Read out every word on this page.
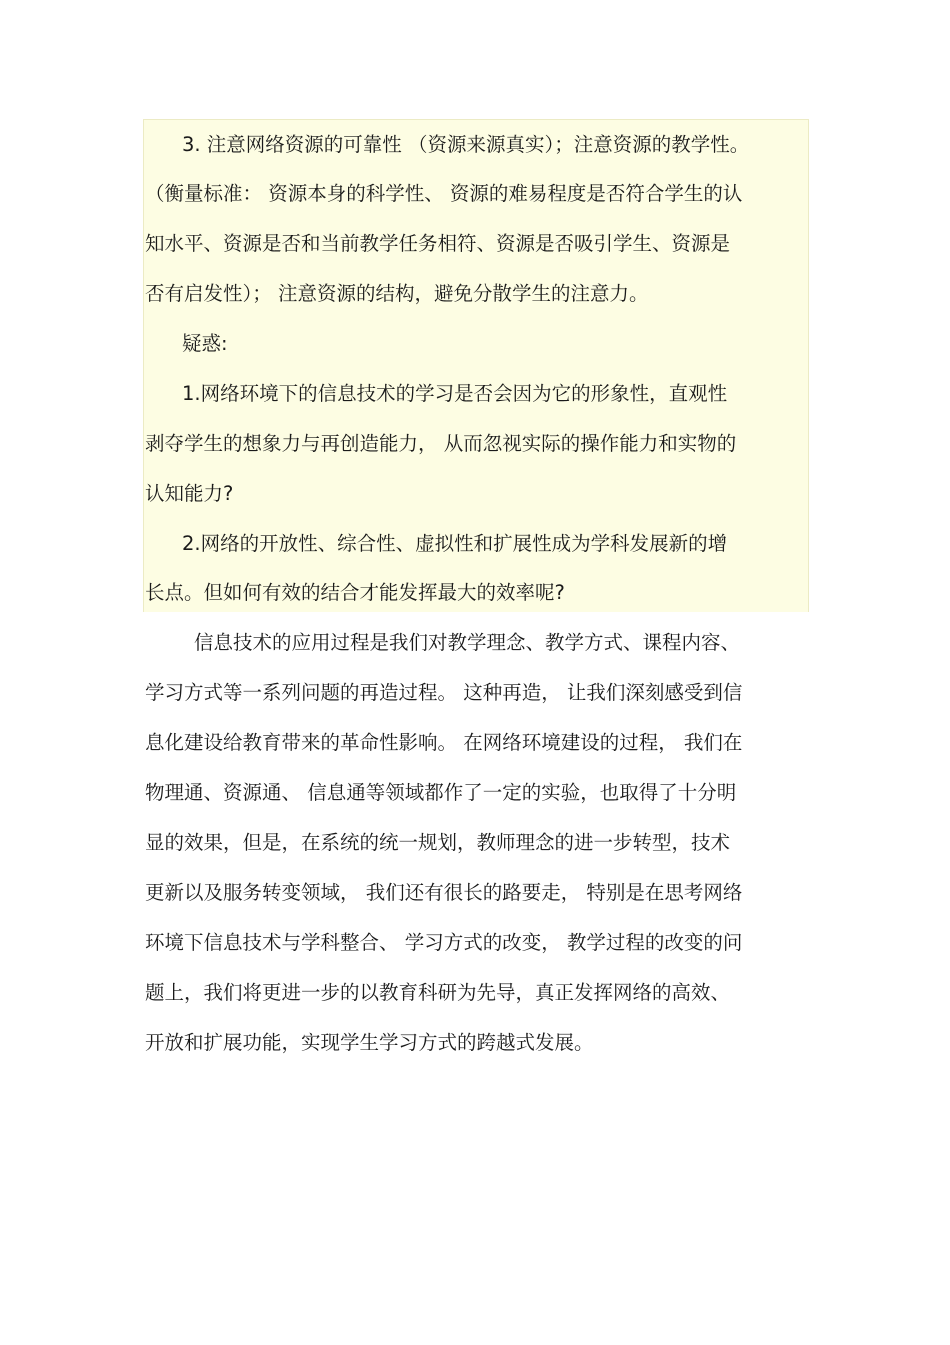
3. 注意网络资源的可靠性 （资源来源真实）；注意资源的教学性。
（衡量标准： 资源本身的科学性、 资源的难易程度是否符合学生的认
知水平、资源是否和当前教学任务相符、资源是否吸引学生、资源是
否有启发性）； 注意资源的结构，避免分散学生的注意力。
疑惑:
1.网络环境下的信息技术的学习是否会因为它的形象性，直观性
剥夺学生的想象力与再创造能力， 从而忽视实际的操作能力和实物的
认知能力?
2.网络的开放性、综合性、虚拟性和扩展性成为学科发展新的增
长点。但如何有效的结合才能发挥最大的效率呢?
信息技术的应用过程是我们对教学理念、教学方式、课程内容、
学习方式等一系列问题的再造过程。 这种再造， 让我们深刻感受到信
息化建设给教育带来的革命性影响。 在网络环境建设的过程， 我们在
物理通、资源通、 信息通等领域都作了一定的实验，也取得了十分明
显的效果，但是，在系统的统一规划，教师理念的进一步转型，技术
更新以及服务转变领域， 我们还有很长的路要走， 特别是在思考网络
环境下信息技术与学科整合、 学习方式的改变， 教学过程的改变的问
题上，我们将更进一步的以教育科研为先导，真正发挥网络的高效、
开放和扩展功能，实现学生学习方式的跨越式发展。
